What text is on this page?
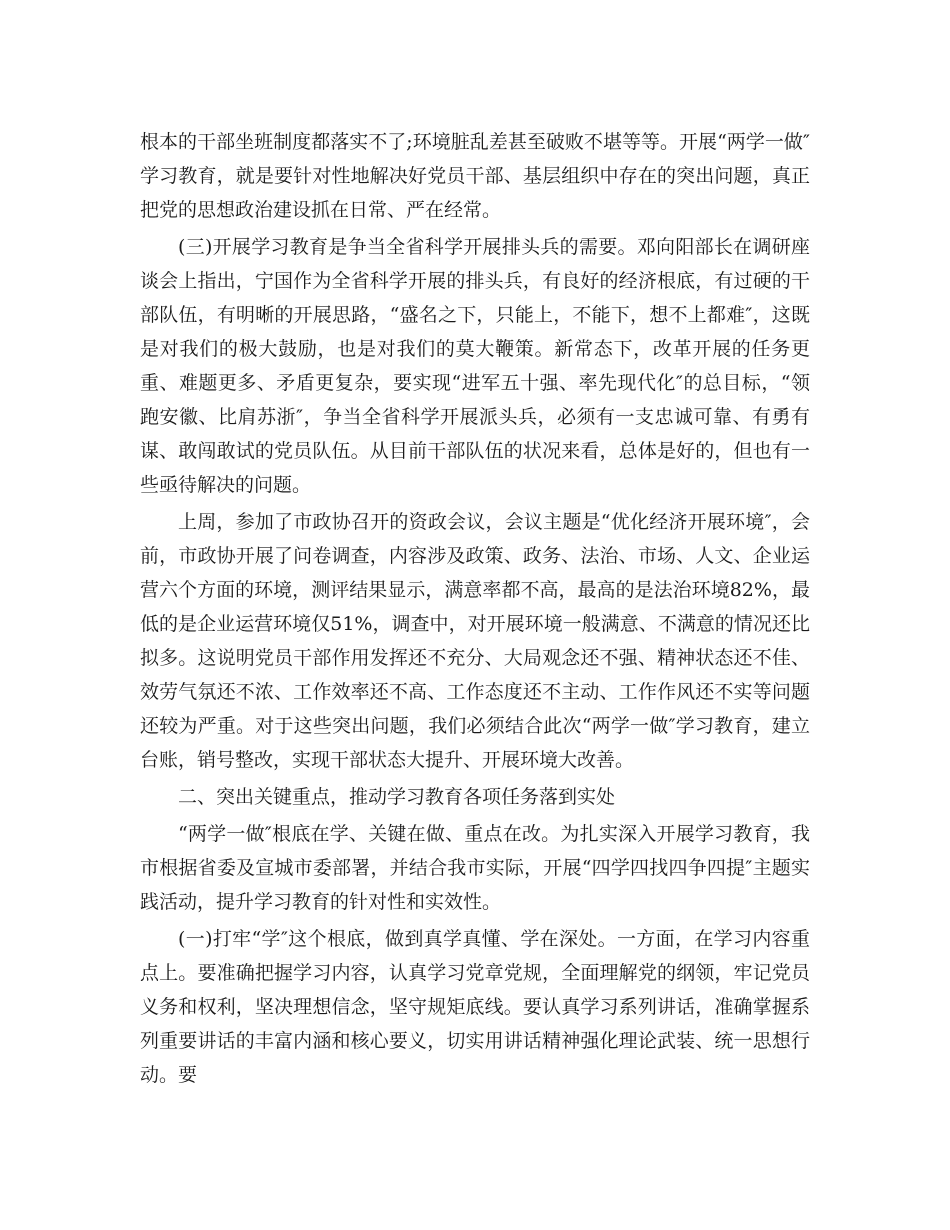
根本的干部坐班制度都落实不了;环境脏乱差甚至破败不堪等等。开展“两学一做″学习教育，就是要针对性地解决好党员干部、基层组织中存在的突出问题，真正把党的思想政治建设抓在日常、严在经常。

(三)开展学习教育是争当全省科学开展排头兵的需要。邓向阳部长在调研座谈会上指出，宁国作为全省科学开展的排头兵，有良好的经济根底，有过硬的干部队伍，有明晰的开展思路，“盛名之下，只能上，不能下，想不上都难″，这既是对我们的极大鼓励，也是对我们的莫大鞭策。新常态下，改革开展的任务更重、难题更多、矛盾更复杂，要实现“进军五十强、率先现代化″的总目标，“领跑安徽、比肩苏浙″，争当全省科学开展派头兵，必须有一支忠诚可靠、有勇有谋、敢闯敢试的党员队伍。从目前干部队伍的状况来看，总体是好的，但也有一些亟待解决的问题。

上周，参加了市政协召开的资政会议，会议主题是“优化经济开展环境″，会前，市政协开展了问卷调查，内容涉及政策、政务、法治、市场、人文、企业运营六个方面的环境，测评结果显示，满意率都不高，最高的是法治环境82%，最低的是企业运营环境仅51%，调查中，对开展环境一般满意、不满意的情况还比拟多。这说明党员干部作用发挥还不充分、大局观念还不强、精神状态还不佳、效劳气氛还不浓、工作效率还不高、工作态度还不主动、工作作风还不实等问题还较为严重。对于这些突出问题，我们必须结合此次“两学一做″学习教育，建立台账，销号整改，实现干部状态大提升、开展环境大改善。

二、突出关键重点，推动学习教育各项任务落到实处

“两学一做″根底在学、关键在做、重点在改。为扎实深入开展学习教育，我市根据省委及宣城市委部署，并结合我市实际，开展“四学四找四争四提″主题实践活动，提升学习教育的针对性和实效性。

(一)打牢“学″这个根底，做到真学真懂、学在深处。一方面，在学习内容重点上。要准确把握学习内容，认真学习党章党规，全面理解党的纲领，牢记党员义务和权利，坚决理想信念，坚守规矩底线。要认真学习系列讲话，准确掌握系列重要讲话的丰富内涵和核心要义，切实用讲话精神强化理论武装、统一思想行动。要
